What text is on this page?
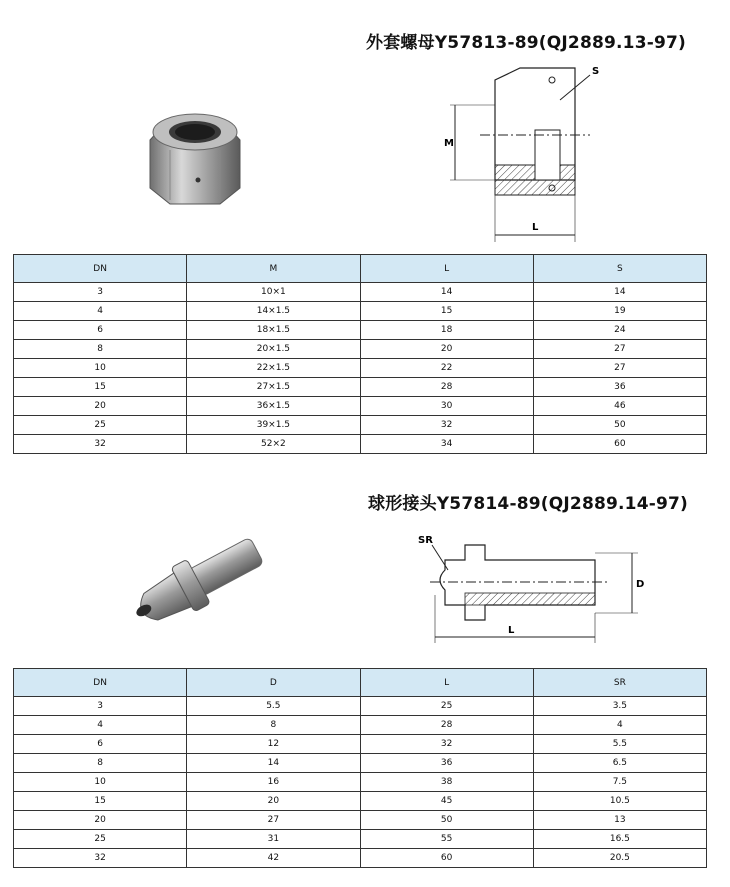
外套螺母Y57813-89(QJ2889.13-97)
S
M
L
DN	M	L	S
3	10×1	14	14
4	14×1.5	15	19
6	18×1.5	18	24
8	20×1.5	20	27
10	22×1.5	22	27
15	27×1.5	28	36
20	36×1.5	30	46
25	39×1.5	32	50
32	52×2	34	60
球形接头Y57814-89(QJ2889.14-97)
SR
D
L
DN	D	L	SR
3	5.5	25	3.5
4	8	28	4
6	12	32	5.5
8	14	36	6.5
10	16	38	7.5
15	20	45	10.5
20	27	50	13
25	31	55	16.5
32	42	60	20.5
